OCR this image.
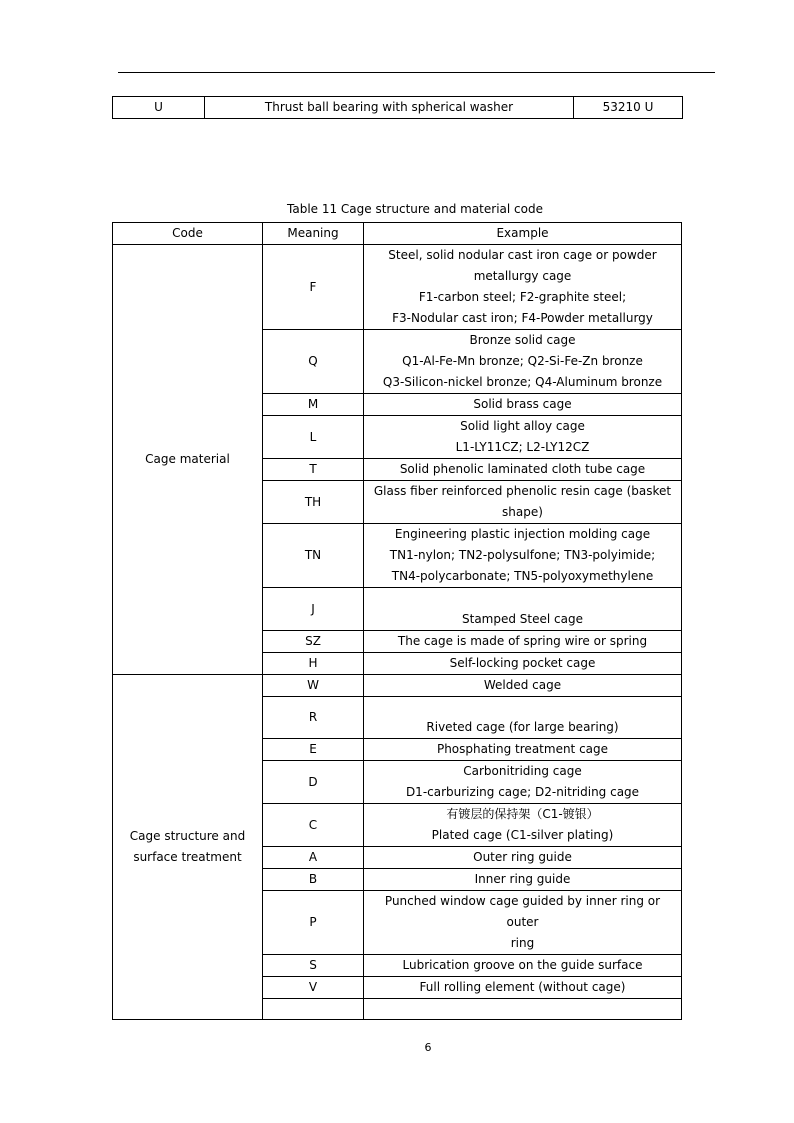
U	Thrust ball bearing with spherical washer	53210 U
Table 11 Cage structure and material code
Code	Meaning	Example

Cage material	F	Steel, solid nodular cast iron cage or powder
metallurgy cage
F1-carbon steel; F2-graphite steel;
F3-Nodular cast iron; F4-Powder metallurgy

	Q	Bronze solid cage
Q1-Al-Fe-Mn bronze; Q2-Si-Fe-Zn bronze
Q3-Silicon-nickel bronze; Q4-Aluminum bronze

	M	Solid brass cage

	L	Solid light alloy cage
L1-LY11CZ; L2-LY12CZ

	T	Solid phenolic laminated cloth tube cage

	TH	Glass fiber reinforced phenolic resin cage (basket
shape)

	TN	Engineering plastic injection molding cage
TN1-nylon; TN2-polysulfone; TN3-polyimide;
TN4-polycarbonate; TN5-polyoxymethylene

	J	Stamped Steel cage

	SZ	The cage is made of spring wire or spring

	H	Self-locking pocket cage

Cage structure and
surface treatment	W	Welded cage

	R	Riveted cage (for large bearing)

	E	Phosphating treatment cage

	D	Carbonitriding cage
D1-carburizing cage; D2-nitriding cage

	C	有镀层的保持架（C1-镀银）
Plated cage (C1-silver plating)

	A	Outer ring guide

	B	Inner ring guide

	P	Punched window cage guided by inner ring or outer
ring

	S	Lubrication groove on the guide surface

	V	Full rolling element (without cage)

6
